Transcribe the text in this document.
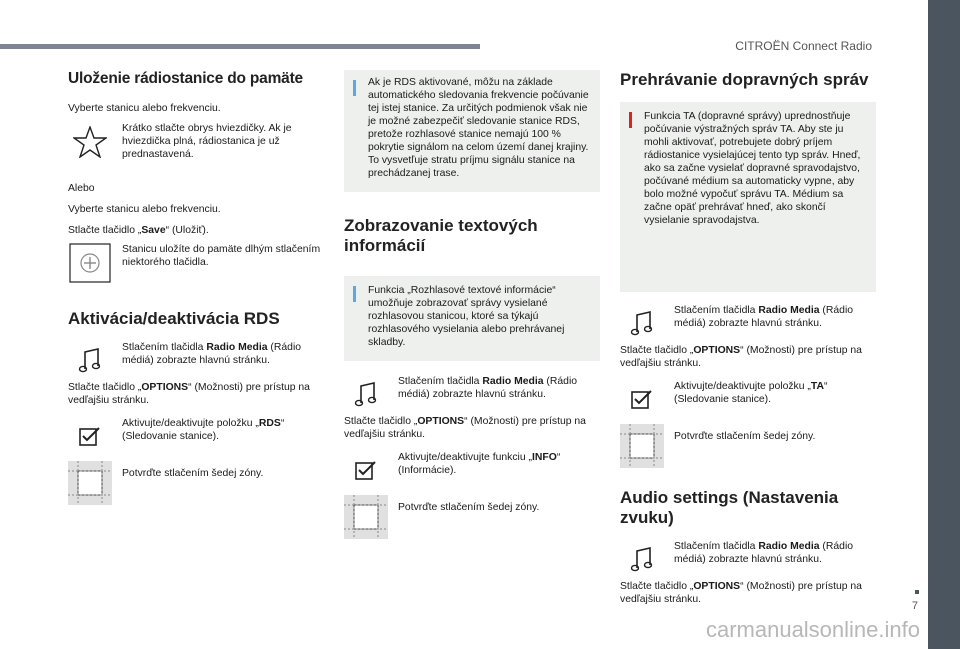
CITROËN Connect Radio
7
Uloženie rádiostanice do pamäte

Vyberte stanicu alebo frekvenciu.

Krátko stlačte obrys hviezdičky. Ak je hviezdička plná, rádiostanica je už prednastavená.

Alebo

Vyberte stanicu alebo frekvenciu.

Stlačte tlačidlo „Save“ (Uložiť).

Stanicu uložíte do pamäte dlhým stlačením niektorého tlačidla.

Aktivácia/deaktivácia RDS

Stlačením tlačidla Radio Media (Rádio médiá) zobrazte hlavnú stránku.

Stlačte tlačidlo „OPTIONS“ (Možnosti) pre prístup na vedľajšiu stránku.

Aktivujte/deaktivujte položku „RDS“ (Sledovanie stanice).

Potvrďte stlačením šedej zóny.

Ak je RDS aktivované, môžu na základe automatického sledovania frekvencie počúvanie tej istej stanice. Za určitých podmienok však nie je možné zabezpečiť sledovanie stanice RDS, pretože rozhlasové stanice nemajú 100 % pokrytie signálom na celom území danej krajiny. To vysvetľuje stratu príjmu signálu stanice na prechádzanej trase.

Zobrazovanie textových informácií

Funkcia „Rozhlasové textové informácie“ umožňuje zobrazovať správy vysielané rozhlasovou stanicou, ktoré sa týkajú rozhlasového vysielania alebo prehrávanej skladby.

Stlačením tlačidla Radio Media (Rádio médiá) zobrazte hlavnú stránku.

Stlačte tlačidlo „OPTIONS“ (Možnosti) pre prístup na vedľajšiu stránku.

Aktivujte/deaktivujte funkciu „INFO“ (Informácie).

Potvrďte stlačením šedej zóny.

Prehrávanie dopravných správ

Funkcia TA (dopravné správy) uprednostňuje počúvanie výstražných správ TA. Aby ste ju mohli aktivovať, potrebujete dobrý príjem rádiostanice vysielajúcej tento typ správ. Hneď, ako sa začne vysielať dopravné spravodajstvo, počúvané médium sa automaticky vypne, aby bolo možné vypočuť správu TA. Médium sa začne opäť prehrávať hneď, ako skončí vysielanie spravodajstva.

Stlačením tlačidla Radio Media (Rádio médiá) zobrazte hlavnú stránku.

Stlačte tlačidlo „OPTIONS“ (Možnosti) pre prístup na vedľajšiu stránku.

Aktivujte/deaktivujte položku „TA“ (Sledovanie stanice).

Potvrďte stlačením šedej zóny.

Audio settings (Nastavenia zvuku)

Stlačením tlačidla Radio Media (Rádio médiá) zobrazte hlavnú stránku.

Stlačte tlačidlo „OPTIONS“ (Možnosti) pre prístup na vedľajšiu stránku.

carmanualsonline.info
